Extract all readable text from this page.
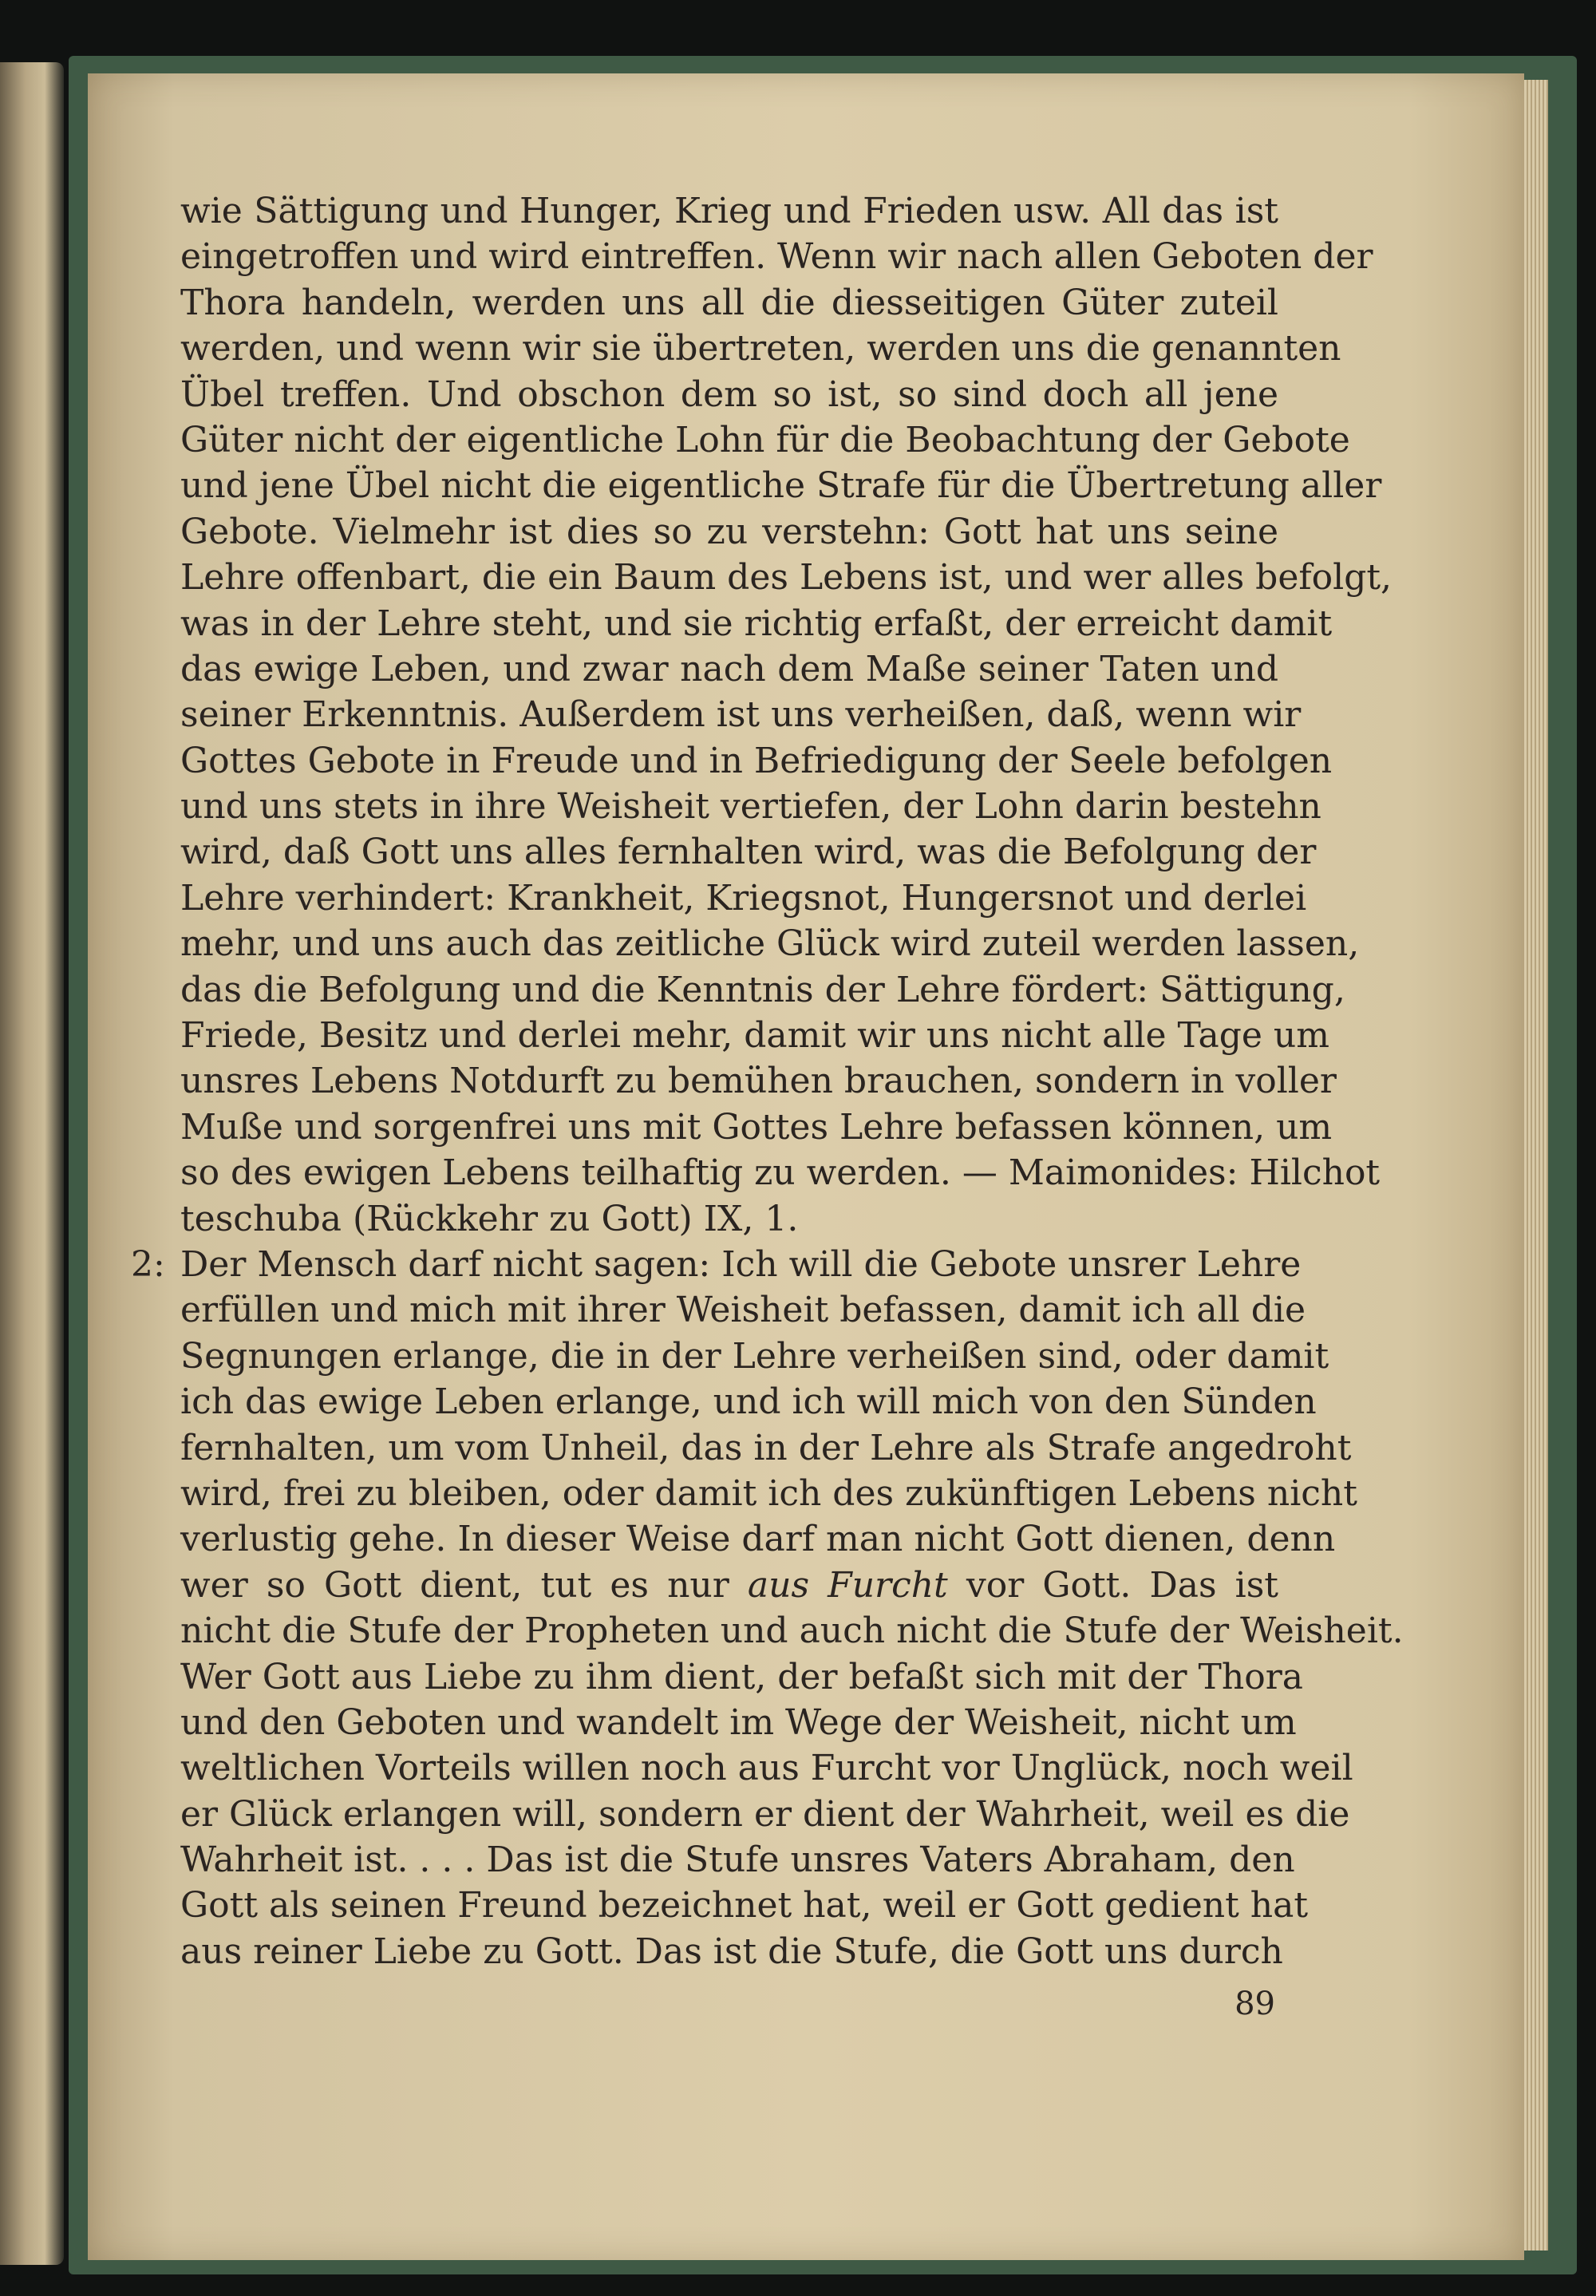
wie Sättigung und Hunger, Krieg und Frieden usw. All das ist
eingetroffen und wird eintreffen. Wenn wir nach allen Geboten der
Thora handeln, werden uns all die diesseitigen Güter zuteil
werden, und wenn wir sie übertreten, werden uns die genannten
Übel treffen. Und obschon dem so ist, so sind doch all jene
Güter nicht der eigentliche Lohn für die Beobachtung der Gebote
und jene Übel nicht die eigentliche Strafe für die Übertretung aller
Gebote. Vielmehr ist dies so zu verstehn: Gott hat uns seine
Lehre offenbart, die ein Baum des Lebens ist, und wer alles befolgt,
was in der Lehre steht, und sie richtig erfaßt, der erreicht damit
das ewige Leben, und zwar nach dem Maße seiner Taten und
seiner Erkenntnis. Außerdem ist uns verheißen, daß, wenn wir
Gottes Gebote in Freude und in Befriedigung der Seele befolgen
und uns stets in ihre Weisheit vertiefen, der Lohn darin bestehn
wird, daß Gott uns alles fernhalten wird, was die Befolgung der
Lehre verhindert: Krankheit, Kriegsnot, Hungersnot und derlei
mehr, und uns auch das zeitliche Glück wird zuteil werden lassen,
das die Befolgung und die Kenntnis der Lehre fördert: Sättigung,
Friede, Besitz und derlei mehr, damit wir uns nicht alle Tage um
unsres Lebens Notdurft zu bemühen brauchen, sondern in voller
Muße und sorgenfrei uns mit Gottes Lehre befassen können, um
so des ewigen Lebens teilhaftig zu werden. — Maimonides: Hilchot
teschuba (Rückkehr zu Gott) IX, 1.
Der Mensch darf nicht sagen: Ich will die Gebote unsrer Lehre
erfüllen und mich mit ihrer Weisheit befassen, damit ich all die
Segnungen erlange, die in der Lehre verheißen sind, oder damit
ich das ewige Leben erlange, und ich will mich von den Sünden
fernhalten, um vom Unheil, das in der Lehre als Strafe angedroht
wird, frei zu bleiben, oder damit ich des zukünftigen Lebens nicht
verlustig gehe. In dieser Weise darf man nicht Gott dienen, denn
wer so Gott dient, tut es nur aus Furcht vor Gott. Das ist
nicht die Stufe der Propheten und auch nicht die Stufe der Weisheit.
Wer Gott aus Liebe zu ihm dient, der befaßt sich mit der Thora
und den Geboten und wandelt im Wege der Weisheit, nicht um
weltlichen Vorteils willen noch aus Furcht vor Unglück, noch weil
er Glück erlangen will, sondern er dient der Wahrheit, weil es die
Wahrheit ist. . . . Das ist die Stufe unsres Vaters Abraham, den
Gott als seinen Freund bezeichnet hat, weil er Gott gedient hat
aus reiner Liebe zu Gott. Das ist die Stufe, die Gott uns durch
2:
89
